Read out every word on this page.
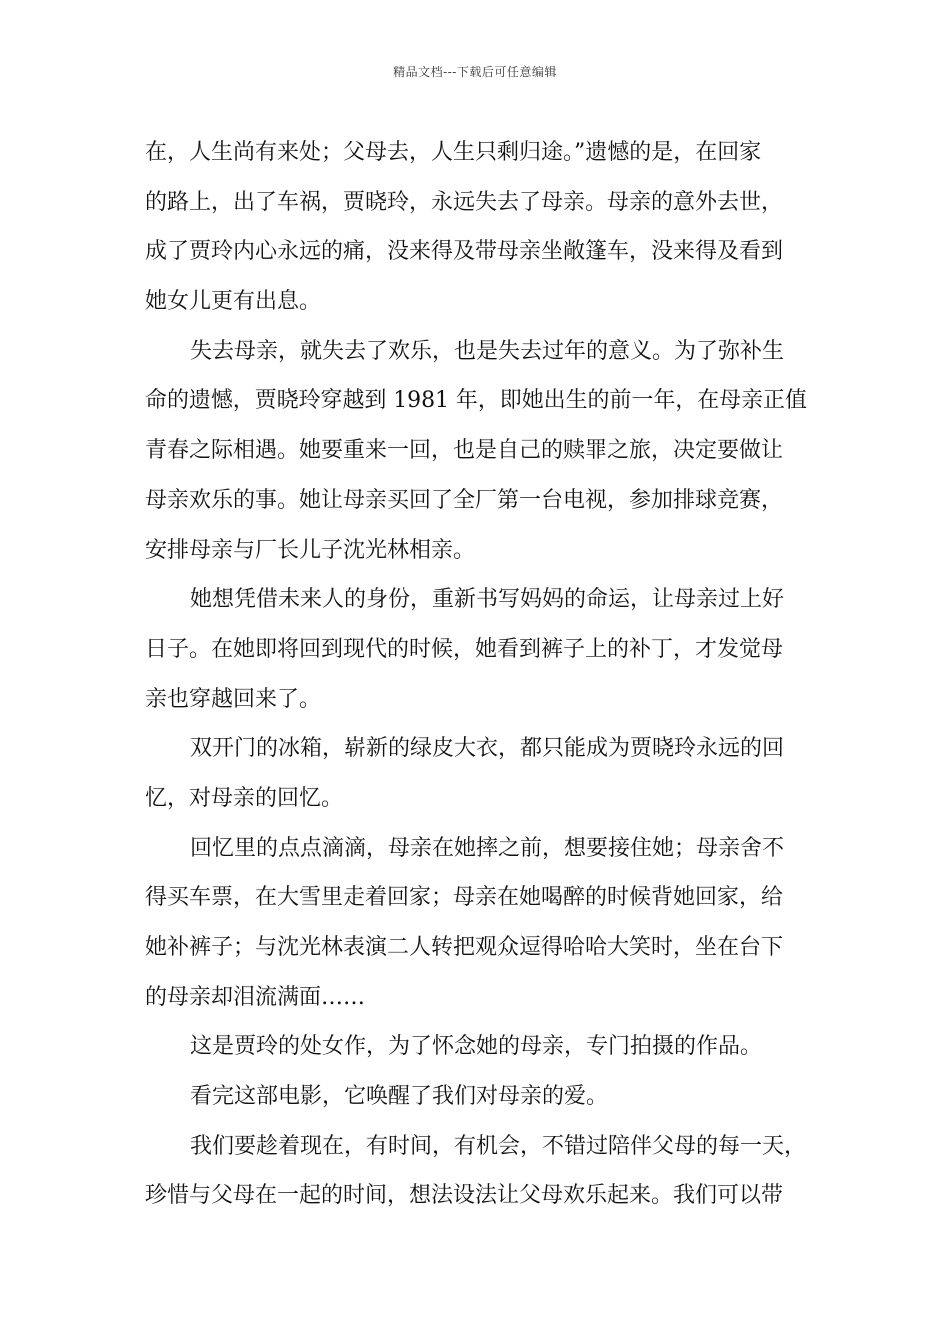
精品文档---下载后可任意编辑
在，人生尚有来处；父母去，人生只剩归途。”遗憾的是，在回家
的路上，出了车祸，贾晓玲，永远失去了母亲。母亲的意外去世，
成了贾玲内心永远的痛，没来得及带母亲坐敞篷车，没来得及看到
她女儿更有出息。
失去母亲，就失去了欢乐，也是失去过年的意义。为了弥补生
命的遗憾，贾晓玲穿越到 1981 年，即她出生的前一年，在母亲正值
青春之际相遇。她要重来一回，也是自己的赎罪之旅，决定要做让
母亲欢乐的事。她让母亲买回了全厂第一台电视，参加排球竞赛，
安排母亲与厂长儿子沈光林相亲。
她想凭借未来人的身份，重新书写妈妈的命运，让母亲过上好
日子。在她即将回到现代的时候，她看到裤子上的补丁，才发觉母
亲也穿越回来了。
双开门的冰箱，崭新的绿皮大衣，都只能成为贾晓玲永远的回
忆，对母亲的回忆。
回忆里的点点滴滴，母亲在她摔之前，想要接住她；母亲舍不
得买车票，在大雪里走着回家；母亲在她喝醉的时候背她回家，给
她补裤子；与沈光林表演二人转把观众逗得哈哈大笑时，坐在台下
的母亲却泪流满面……
这是贾玲的处女作，为了怀念她的母亲，专门拍摄的作品。
看完这部电影，它唤醒了我们对母亲的爱。
我们要趁着现在，有时间，有机会，不错过陪伴父母的每一天，
珍惜与父母在一起的时间，想法设法让父母欢乐起来。我们可以带
